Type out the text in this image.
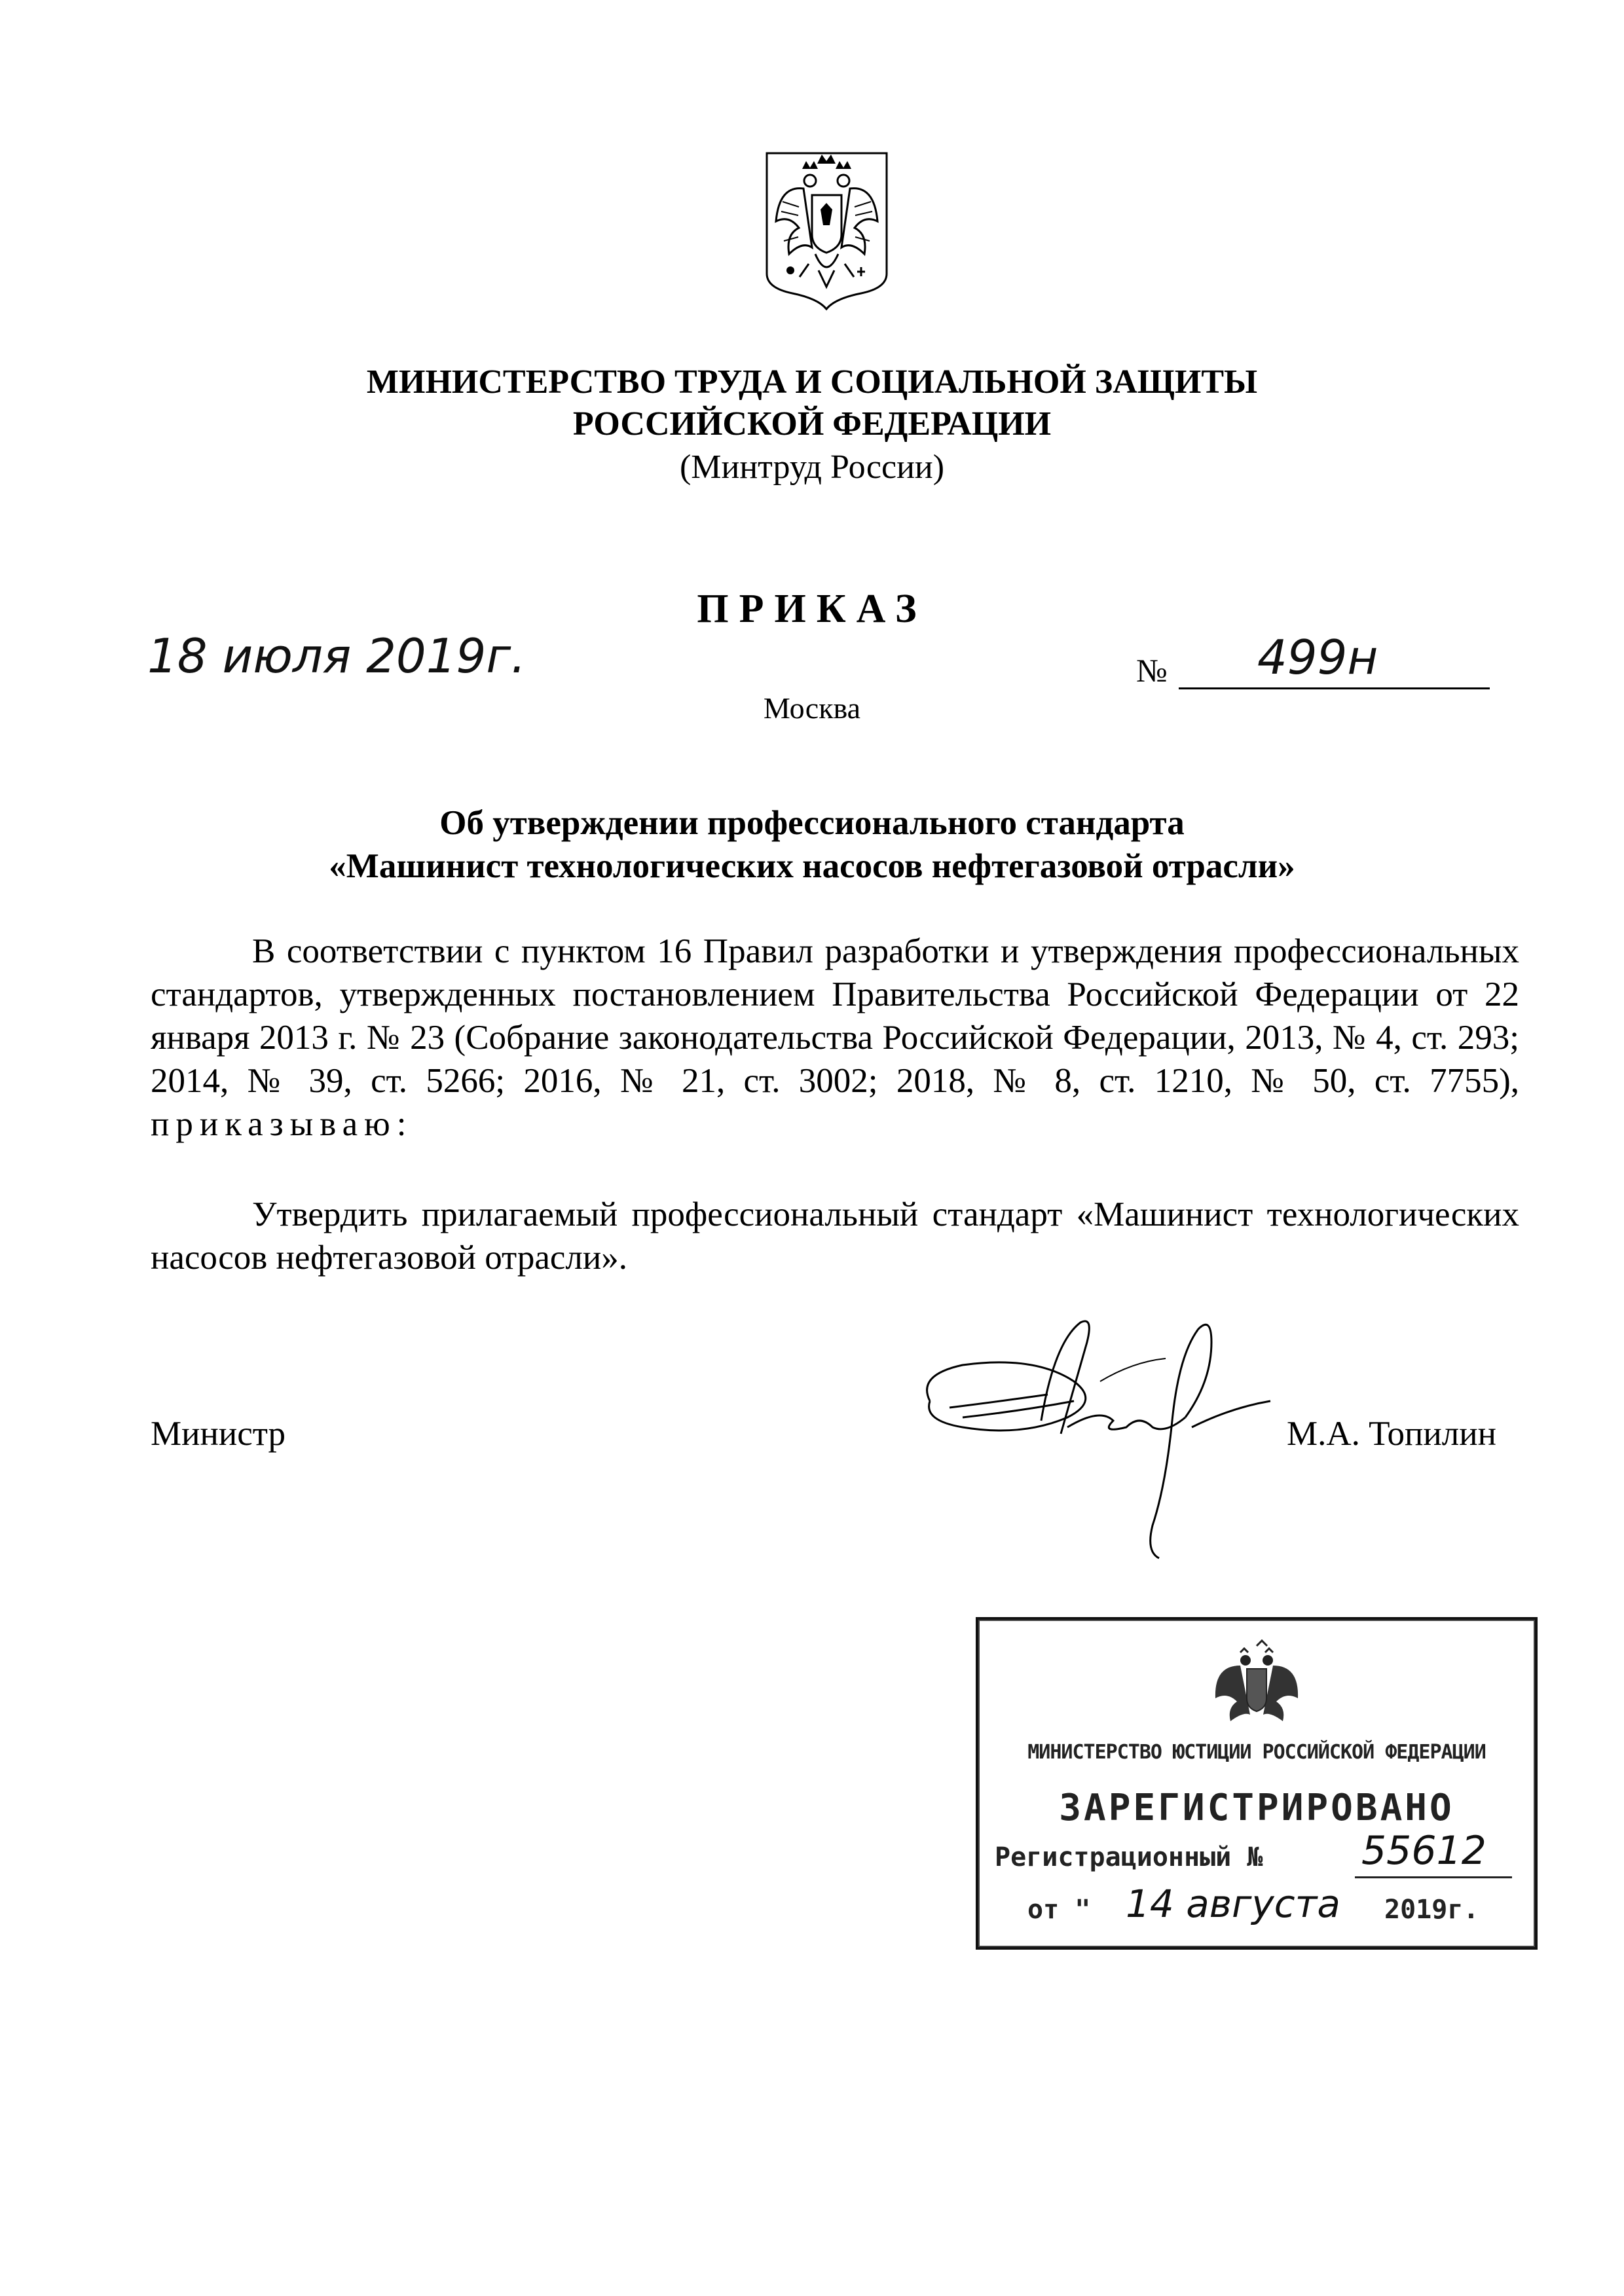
МИНИСТЕРСТВО ТРУДА И СОЦИАЛЬНОЙ ЗАЩИТЫ
РОССИЙСКОЙ ФЕДЕРАЦИИ
(Минтруд России)
ПРИКАЗ
18 июля 2019г.	№ 499н
Москва
Об утверждении профессионального стандарта
«Машинист технологических насосов нефтегазовой отрасли»
В соответствии с пунктом 16 Правил разработки и утверждения профессиональных стандартов, утвержденных постановлением Правительства Российской Федерации от 22 января 2013 г. № 23 (Собрание законодательства Российской Федерации, 2013, № 4, ст. 293; 2014, № 39, ст. 5266; 2016, № 21, ст. 3002; 2018, № 8, ст. 1210, № 50, ст. 7755), приказываю:
Утвердить прилагаемый профессиональный стандарт «Машинист технологических насосов нефтегазовой отрасли».
Министр	М.А. Топилин
МИНИСТЕРСТВО ЮСТИЦИИ РОССИЙСКОЙ ФЕДЕРАЦИИ
ЗАРЕГИСТРИРОВАНО
Регистрационный №	55612
от " 14 августа 2019г.
